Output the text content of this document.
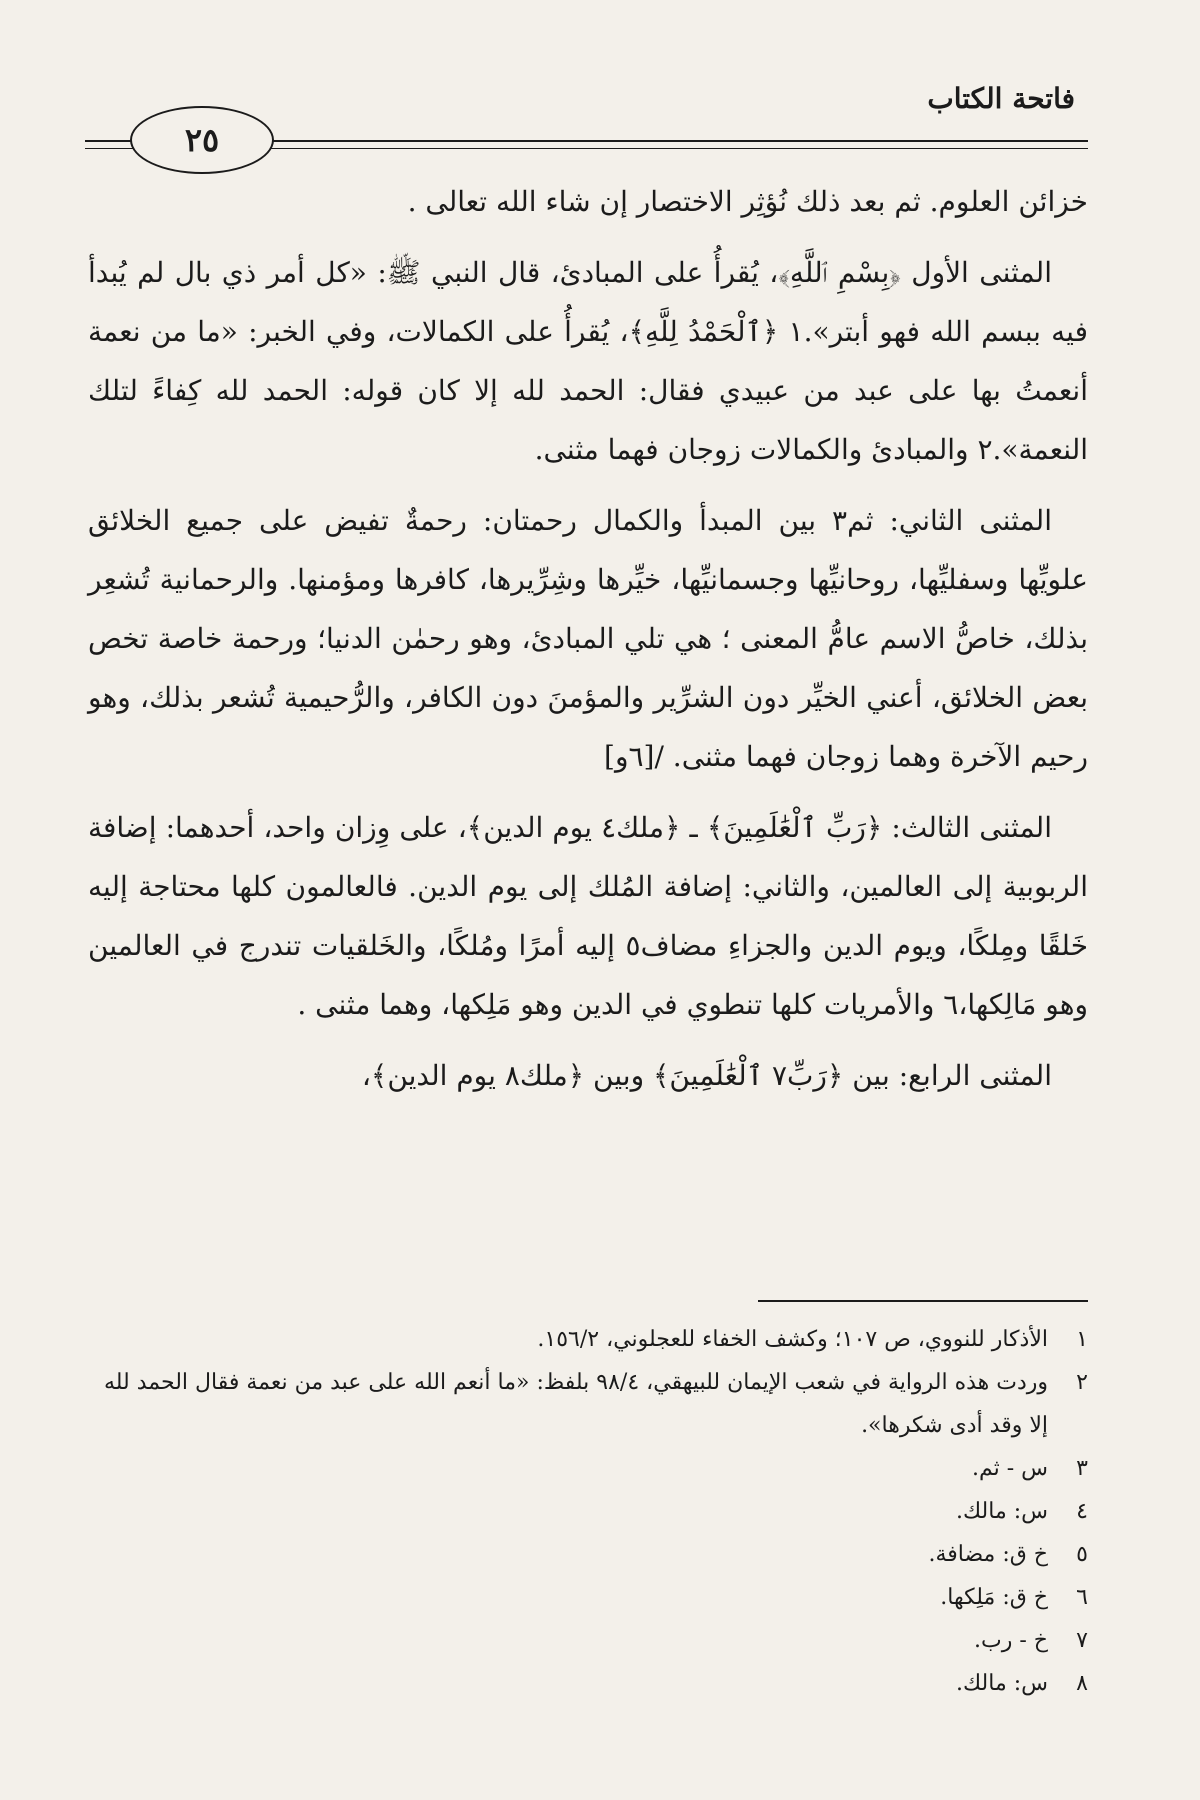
فاتحة الكتاب
٢٥

خزائن العلوم. ثم بعد ذلك نُؤثِر الاختصار إن شاء الله تعالى .

المثنى الأول ﴿بِسْمِ ٱللَّهِ﴾، يُقرأُ على المبادئ، قال النبي ﷺ: «كل أمر ذي بال لم يُبدأ فيه ببسم الله فهو أبتر».١ ﴿ٱلْحَمْدُ لِلَّهِ﴾، يُقرأُ على الكمالات، وفي الخبر: «ما من نعمة أنعمتُ بها على عبد من عبيدي فقال: الحمد لله إلا كان قوله: الحمد لله كِفاءً لتلك النعمة».٢ والمبادئ والكمالات زوجان فهما مثنى.

المثنى الثاني: ثم٣ بين المبدأ والكمال رحمتان: رحمةٌ تفيض على جميع الخلائق علويِّها وسفليِّها، روحانيِّها وجسمانيِّها، خيِّرها وشِرِّيرها، كافرها ومؤمنها. والرحمانية تُشعِر بذلك، خاصُّ الاسم عامُّ المعنى ؛ هي تلي المبادئ، وهو رحمٰن الدنيا؛ ورحمة خاصة تخص بعض الخلائق، أعني الخيِّر دون الشرِّير والمؤمنَ دون الكافر، والرُّحيمية تُشعر بذلك، وهو رحيم الآخرة وهما زوجان فهما مثنى. /[٦و]

المثنى الثالث: ﴿رَبِّ ٱلْعَٰلَمِينَ﴾ ـ ﴿ملك٤ يوم الدين﴾، على وِزان واحد، أحدهما: إضافة الربوبية إلى العالمين، والثاني: إضافة المُلك إلى يوم الدين. فالعالمون كلها محتاجة إليه خَلقًا ومِلكًا، ويوم الدين والجزاءِ مضاف٥ إليه أمرًا ومُلكًا، والخَلقيات تندرج في العالمين وهو مَالِكها،٦ والأمريات كلها تنطوي في الدين وهو مَلِكها، وهما مثنى .

المثنى الرابع: بين ﴿رَبِّ٧ ٱلْعَٰلَمِينَ﴾ وبين ﴿ملك٨ يوم الدين﴾،

١
الأذكار للنووي، ص ١٠٧؛ وكشف الخفاء للعجلوني، ١٥٦/٢.
٢
وردت هذه الرواية في شعب الإيمان للبيهقي، ٩٨/٤ بلفظ: «ما أنعم الله على عبد من نعمة فقال الحمد لله إلا وقد أدى شكرها».
٣
س - ثم.
٤
س: مالك.
٥
خ ق: مضافة.
٦
خ ق: مَلِكها.
٧
خ - رب.
٨
س: مالك.
